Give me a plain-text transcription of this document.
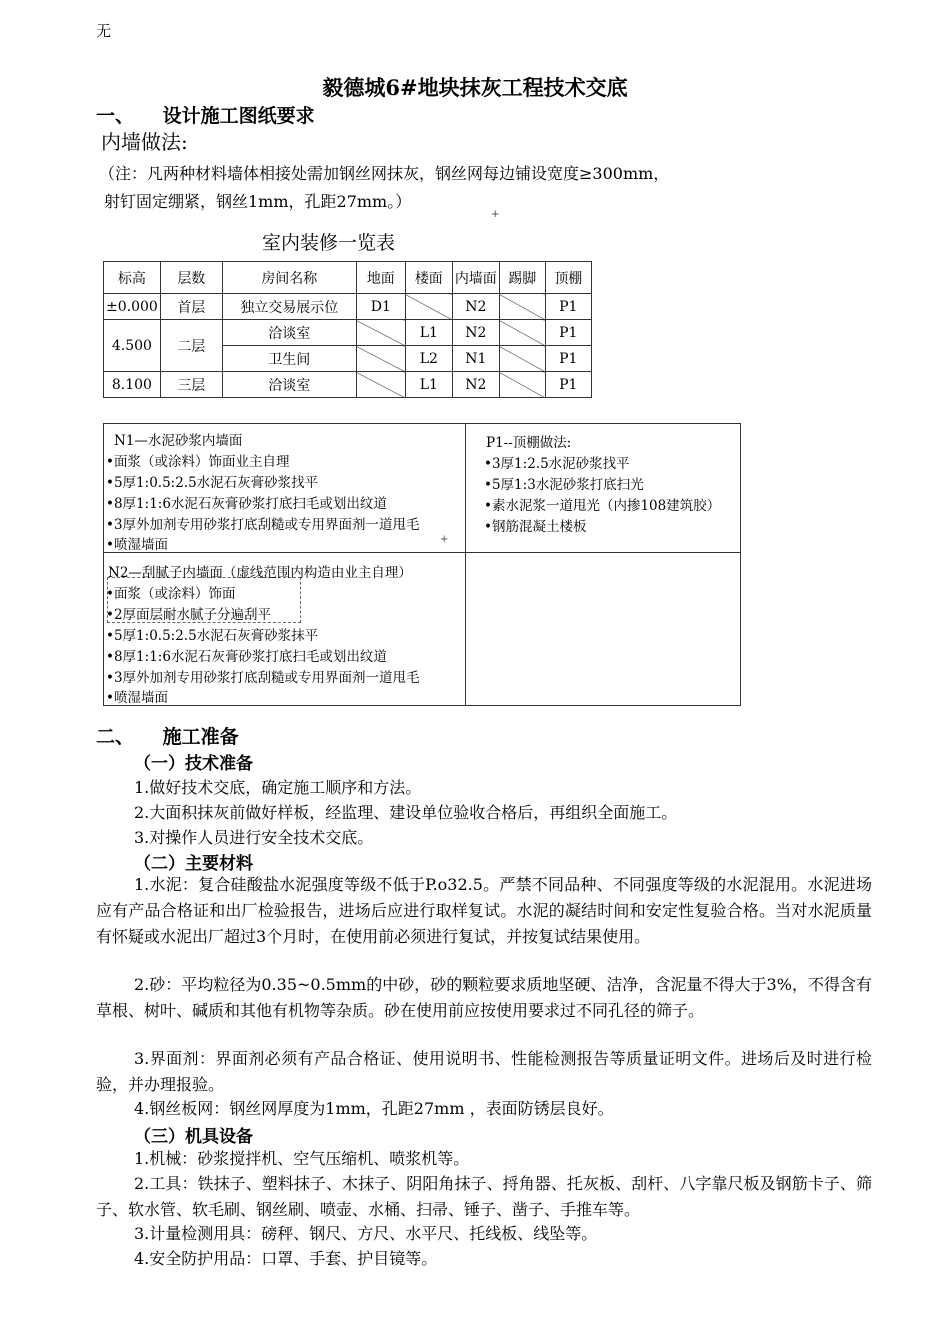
无
毅德城6#地块抹灰工程技术交底
一、 设计施工图纸要求
内墙做法:
（注：凡两种材料墙体相接处需加钢丝网抹灰，钢丝网每边铺设宽度≥300mm，
射钉固定绷紧，钢丝1mm，孔距27mm。）
+
室内装修一览表
标高	层数	房间名称	地面	楼面	内墙面	踢脚	顶棚
±0.000	首层	独立交易展示位	D1		N2		P1
4.500	二层	洽谈室		L1	N2		P1
		卫生间		L2	N1		P1
8.100	三层	洽谈室		L1	N2		P1
N1—水泥砂浆内墙面
•面浆（或涂料）饰面业主自理
•5厚1:0.5:2.5水泥石灰膏砂浆找平
•8厚1:1:6水泥石灰膏砂浆打底扫毛或划出纹道
•3厚外加剂专用砂浆打底刮糙或专用界面剂一道甩毛
•喷湿墙面	+
P1--顶棚做法:
•3厚1:2.5水泥砂浆找平
•5厚1:3水泥砂浆打底扫光
•素水泥浆一道甩光（内掺108建筑胶）
•钢筋混凝土楼板
N2—刮腻子内墙面（虚线范围内构造由业主自理）
•面浆（或涂料）饰面
•2厚面层耐水腻子分遍刮平
•5厚1:0.5:2.5水泥石灰膏砂浆抹平
•8厚1:1:6水泥石灰膏砂浆打底扫毛或划出纹道
•3厚外加剂专用砂浆打底刮糙或专用界面剂一道甩毛
•喷湿墙面
二、 施工准备
（一）技术准备
1.做好技术交底，确定施工顺序和方法。
2.大面积抹灰前做好样板，经监理、建设单位验收合格后，再组织全面施工。
3.对操作人员进行安全技术交底。
（二）主要材料
1.水泥：复合硅酸盐水泥强度等级不低于P.o32.5。严禁不同品种、不同强度等级的水泥混用。水泥进场应有产品合格证和出厂检验报告，进场后应进行取样复试。水泥的凝结时间和安定性复验合格。当对水泥质量有怀疑或水泥出厂超过3个月时，在使用前必须进行复试，并按复试结果使用。
2.砂：平均粒径为0.35~0.5mm的中砂，砂的颗粒要求质地坚硬、洁净，含泥量不得大于3%，不得含有草根、树叶、碱质和其他有机物等杂质。砂在使用前应按使用要求过不同孔径的筛子。
3.界面剂：界面剂必须有产品合格证、使用说明书、性能检测报告等质量证明文件。进场后及时进行检验，并办理报验。
4.钢丝板网：钢丝网厚度为1mm，孔距27mm ，表面防锈层良好。
（三）机具设备
1.机械：砂浆搅拌机、空气压缩机、喷浆机等。
2.工具：铁抹子、塑料抹子、木抹子、阴阳角抹子、捋角器、托灰板、刮杆、八字靠尺板及钢筋卡子、筛子、软水管、软毛刷、钢丝刷、喷壶、水桶、扫帚、锤子、凿子、手推车等。
3.计量检测用具：磅秤、钢尺、方尺、水平尺、托线板、线坠等。
4.安全防护用品：口罩、手套、护目镜等。
